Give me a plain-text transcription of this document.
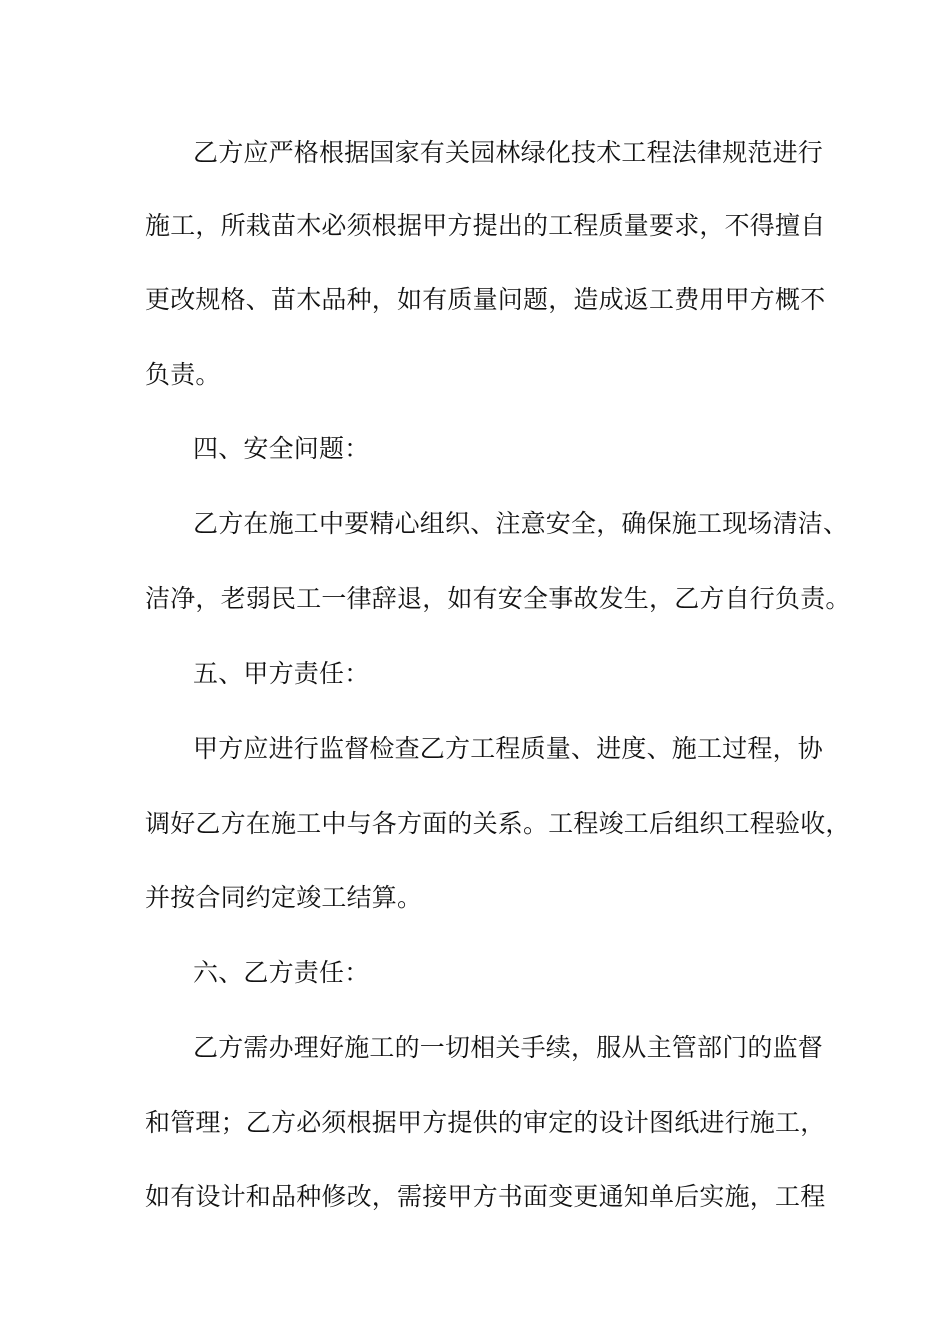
乙方应严格根据国家有关园林绿化技术工程法律规范进行
施工，所栽苗木必须根据甲方提出的工程质量要求，不得擅自
更改规格、苗木品种，如有质量问题，造成返工费用甲方概不
负责。
四、安全问题：
乙方在施工中要精心组织、注意安全，确保施工现场清洁、
洁净，老弱民工一律辞退，如有安全事故发生，乙方自行负责。
五、甲方责任：
甲方应进行监督检查乙方工程质量、进度、施工过程，协
调好乙方在施工中与各方面的关系。工程竣工后组织工程验收，
并按合同约定竣工结算。
六、乙方责任：
乙方需办理好施工的一切相关手续，服从主管部门的监督
和管理；乙方必须根据甲方提供的审定的设计图纸进行施工，
如有设计和品种修改，需接甲方书面变更通知单后实施，工程
